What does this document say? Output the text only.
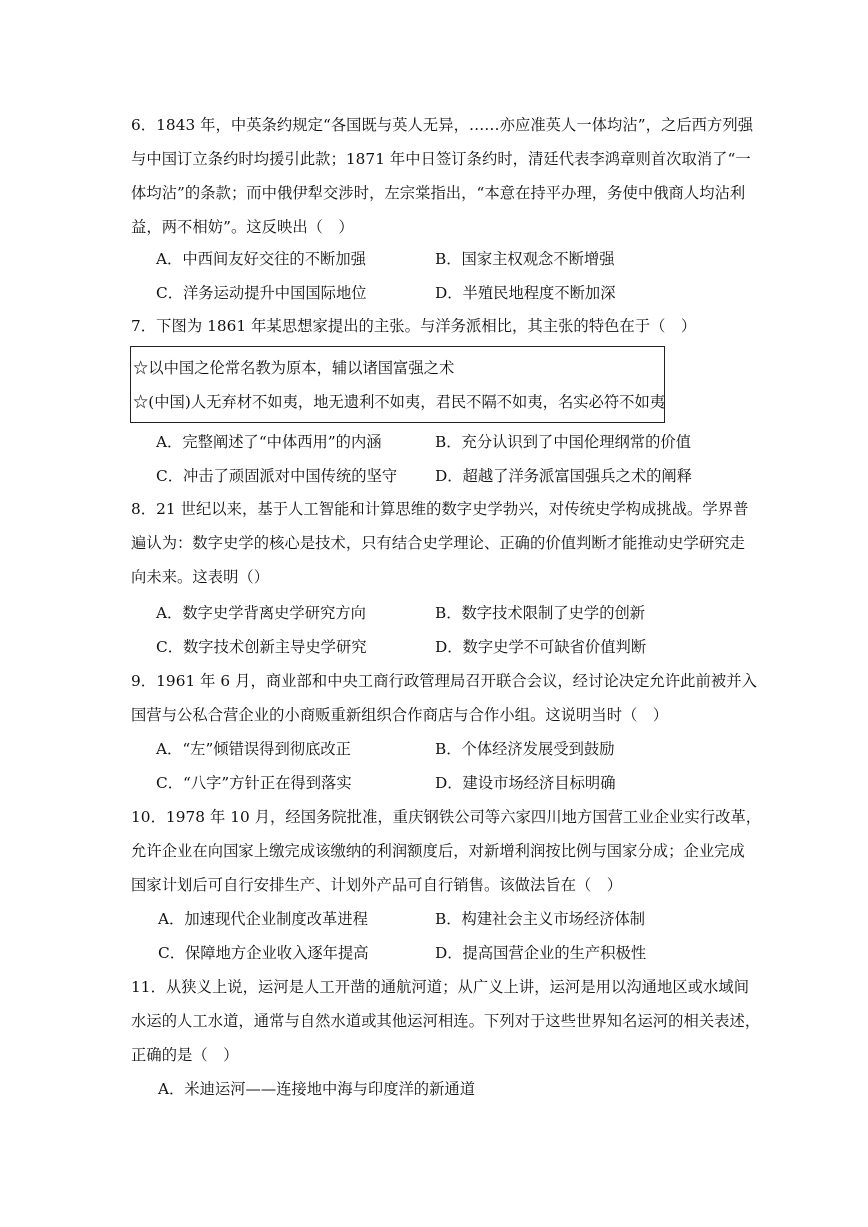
6．1843 年，中英条约规定“各国既与英人无异，……亦应准英人一体均沾”，之后西方列强
与中国订立条约时均援引此款；1871 年中日签订条约时，清廷代表李鸿章则首次取消了“一
体均沾”的条款；而中俄伊犁交涉时，左宗棠指出，“本意在持平办理，务使中俄商人均沾利
益，两不相妨”。这反映出（　）
A．中西间友好交往的不断加强	B．国家主权观念不断增强
C．洋务运动提升中国国际地位	D．半殖民地程度不断加深
7．下图为 1861 年某思想家提出的主张。与洋务派相比，其主张的特色在于（　）
☆以中国之伦常名教为原本，辅以诸国富强之术
☆(中国)人无弃材不如夷，地无遗利不如夷，君民不隔不如夷，名实必符不如夷
A．完整阐述了“中体西用”的内涵	B．充分认识到了中国伦理纲常的价值
C．冲击了顽固派对中国传统的坚守 D．超越了洋务派富国强兵之术的阐释
8．21 世纪以来，基于人工智能和计算思维的数字史学勃兴，对传统史学构成挑战。学界普
遍认为：数字史学的核心是技术，只有结合史学理论、正确的价值判断才能推动史学研究走
向未来。这表明（）
A．数字史学背离史学研究方向	B．数字技术限制了史学的创新
C．数字技术创新主导史学研究	D．数字史学不可缺省价值判断
9．1961 年 6 月，商业部和中央工商行政管理局召开联合会议，经讨论决定允许此前被并入
国营与公私合营企业的小商贩重新组织合作商店与合作小组。这说明当时（　）
A．“左”倾错误得到彻底改正	B．个体经济发展受到鼓励
C．“八字”方针正在得到落实	D．建设市场经济目标明确
10．1978 年 10 月，经国务院批准，重庆钢铁公司等六家四川地方国营工业企业实行改革，
允许企业在向国家上缴完成该缴纳的利润额度后，对新增利润按比例与国家分成；企业完成
国家计划后可自行安排生产、计划外产品可自行销售。该做法旨在（　）
A．加速现代企业制度改革进程	B．构建社会主义市场经济体制
C．保障地方企业收入逐年提高	D．提高国营企业的生产积极性
11．从狭义上说，运河是人工开凿的通航河道；从广义上讲，运河是用以沟通地区或水域间
水运的人工水道，通常与自然水道或其他运河相连。下列对于这些世界知名运河的相关表述，
正确的是（　）
A．米迪运河——连接地中海与印度洋的新通道
